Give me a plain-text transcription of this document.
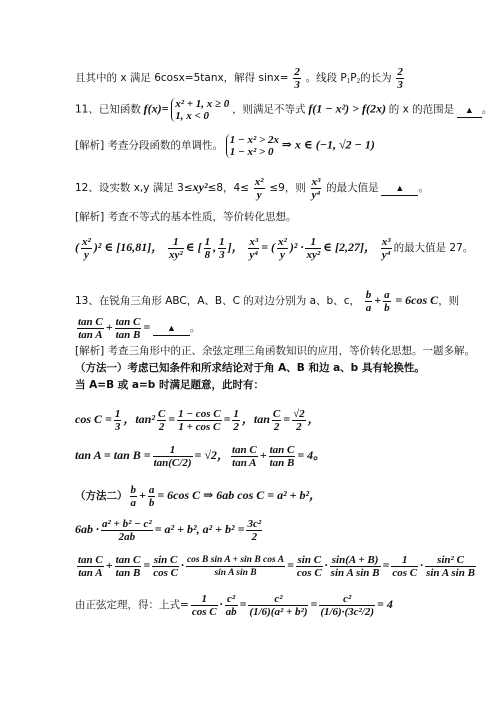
且其中的 x 满足 6cosx=5tanx，解得 $\sin x= \frac{2}{3}$ 。线段 $P_1P_2$的长为 $\frac{2}{3}$
11、已知函数 f(x)= x² + 1, x ≥ 0
1, x < 0
，则满足不等式 f(1 − x²) > f(2x) 的 x 的范围是 ▲ 。
[解析] 考查分段函数的单调性。 1 − x² > 2x
1 − x² > 0
⇒ x ∈ (−1, √2 − 1)
12、设实数 x,y 满足 3≤xy²≤8，$4\le \frac{\text{x²}}{y} \le 9$，则 $\frac{\text{x³}}{\text{y⁴}}$ 的最大值是 ▲ 。
[解析] 考查不等式的基本性质，等价转化思想。
( $\frac{\text{x²}}{y} )^2$ ∈ [16,81]， $\frac{1}{\text{xy²}}$ ∈ [ $\frac{1}{8}$ , $\frac{1}{3}$ ]， $\frac{\text{x³}}{\text{y⁴}}$ = ( $\frac{\text{x²}}{y} )^2 \cdot \frac{1}{\text{xy²}}$ ∈ [2,27]， $\frac{\text{x³}}{\text{y⁴}}$ 的最大值是 27。
13、在锐角三角形 ABC，A、B、C 的对边分别为 a、b、c， $\frac{b}{a} + \frac{a}{b} = 6\cos$ C，则
$\frac{\text{tan C}}{\text{tan A}} + \frac{\text{tan C}}{\text{tan B}}$ = ▲ 。
[解析] 考查三角形中的正、余弦定理三角函数知识的应用，等价转化思想。一题多解。
（方法一）考虑已知条件和所求结论对于角 A、B 和边 a、b 具有轮换性。
当 A=B 或 a=b 时满足题意，此时有：
$\cos C = \frac{1}{3}$ ，$\tan^2 \frac{C}{2} = \frac{\text{1 − cos C}}{\text{1 + cos C}} = \frac{1}{2}$ ，$\tan \frac{C}{2} = \frac{√2}{2}$ ，
$\tan A = \tan B = \frac{1}{\tan(C/2)} = √2$， $\frac{\text{tan C}}{\text{tan A}} + \frac{\text{tan C}}{\text{tan B}} = 4$。
（方法二） $\frac{b}{a} + \frac{a}{b} = 6\cos$ C ⇒ 6ab cos C = a² + b²，
$6ab \cdot \frac{\text{a² + b² − c²}}{2ab} = a^2 + b^2$, $a^2 + b^2 = \frac{\text{3c²}}{2}$
$\frac{\text{tan C}}{\text{tan A}} + \frac{\text{tan C}}{\text{tan B}} = \frac{\text{sin C}}{\text{cos C}} \cdot \frac{\text{cos B sin A + sin B cos A}}{\text{sin A sin B}} = \frac{\text{sin C}}{\text{cos C}} \cdot \frac{\sin(A + B)}{\text{sin A sin B}} = \frac{1}{\text{cos C}} \cdot \frac{\text{sin² C}}{\text{sin A sin B}}$
由正弦定理，得：上式= $\frac{1}{\text{cos C}} \cdot \frac{\text{c²}}{ab} = \frac{\text{c²}}{\text{(1/6)(a² + b²)}} = \frac{\text{c²}}{\text{(1/6)·(3c²/2)}} = 4$
